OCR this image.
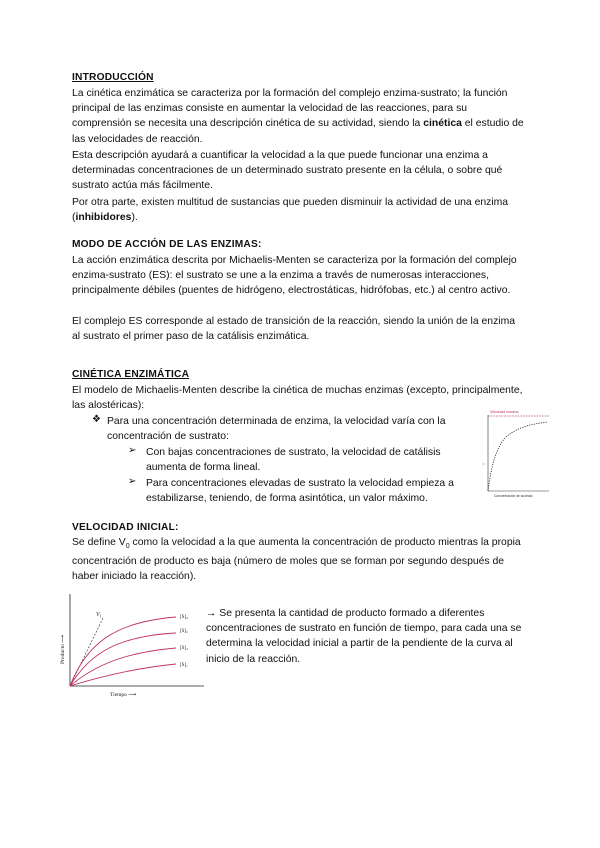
INTRODUCCIÓN
La cinética enzimática se caracteriza por la formación del complejo enzima-sustrato; la función principal de las enzimas consiste en aumentar la velocidad de las reacciones, para su comprensión se necesita una descripción cinética de su actividad, siendo la cinética el estudio de las velocidades de reacción.
Esta descripción ayudará a cuantificar la velocidad a la que puede funcionar una enzima a determinadas concentraciones de un determinado sustrato presente en la célula, o sobre qué sustrato actúa más fácilmente.
Por otra parte, existen multitud de sustancias que pueden disminuir la actividad de una enzima (inhibidores).
MODO DE ACCIÓN DE LAS ENZIMAS:
La acción enzimática descrita por Michaelis-Menten se caracteriza por la formación del complejo enzima-sustrato (ES): el sustrato se une a la enzima a través de numerosas interacciones, principalmente débiles (puentes de hidrógeno, electrostáticas, hidrófobas, etc.) al centro activo.
El complejo ES corresponde al estado de transición de la reacción, siendo la unión de la enzima al sustrato el primer paso de la catálisis enzimática.
CINÉTICA ENZIMÁTICA
El modelo de Michaelis-Menten describe la cinética de muchas enzimas (excepto, principalmente, las alostéricas):
❖ Para una concentración determinada de enzima, la velocidad varía con la concentración de sustrato:
➢ Con bajas concentraciones de sustrato, la velocidad de catálisis aumenta de forma lineal.
➢ Para concentraciones elevadas de sustrato la velocidad empieza a estabilizarse, teniendo, de forma asintótica, un valor máximo.
Velocidad máxima
V
Concentración de sustrato
VELOCIDAD INICIAL:
Se define $V_0$ como la velocidad a la que aumenta la concentración de producto mientras la propia concentración de producto es baja (número de moles que se forman por segundo después de haber iniciado la reacción).
Producto ⟶
Tiempo ⟶
$V_1$	[S]₄
[S]₃
[S]₂
[S]₁
→ Se presenta la cantidad de producto formado a diferentes concentraciones de sustrato en función de tiempo, para cada una se determina la velocidad inicial a partir de la pendiente de la curva al inicio de la reacción.
